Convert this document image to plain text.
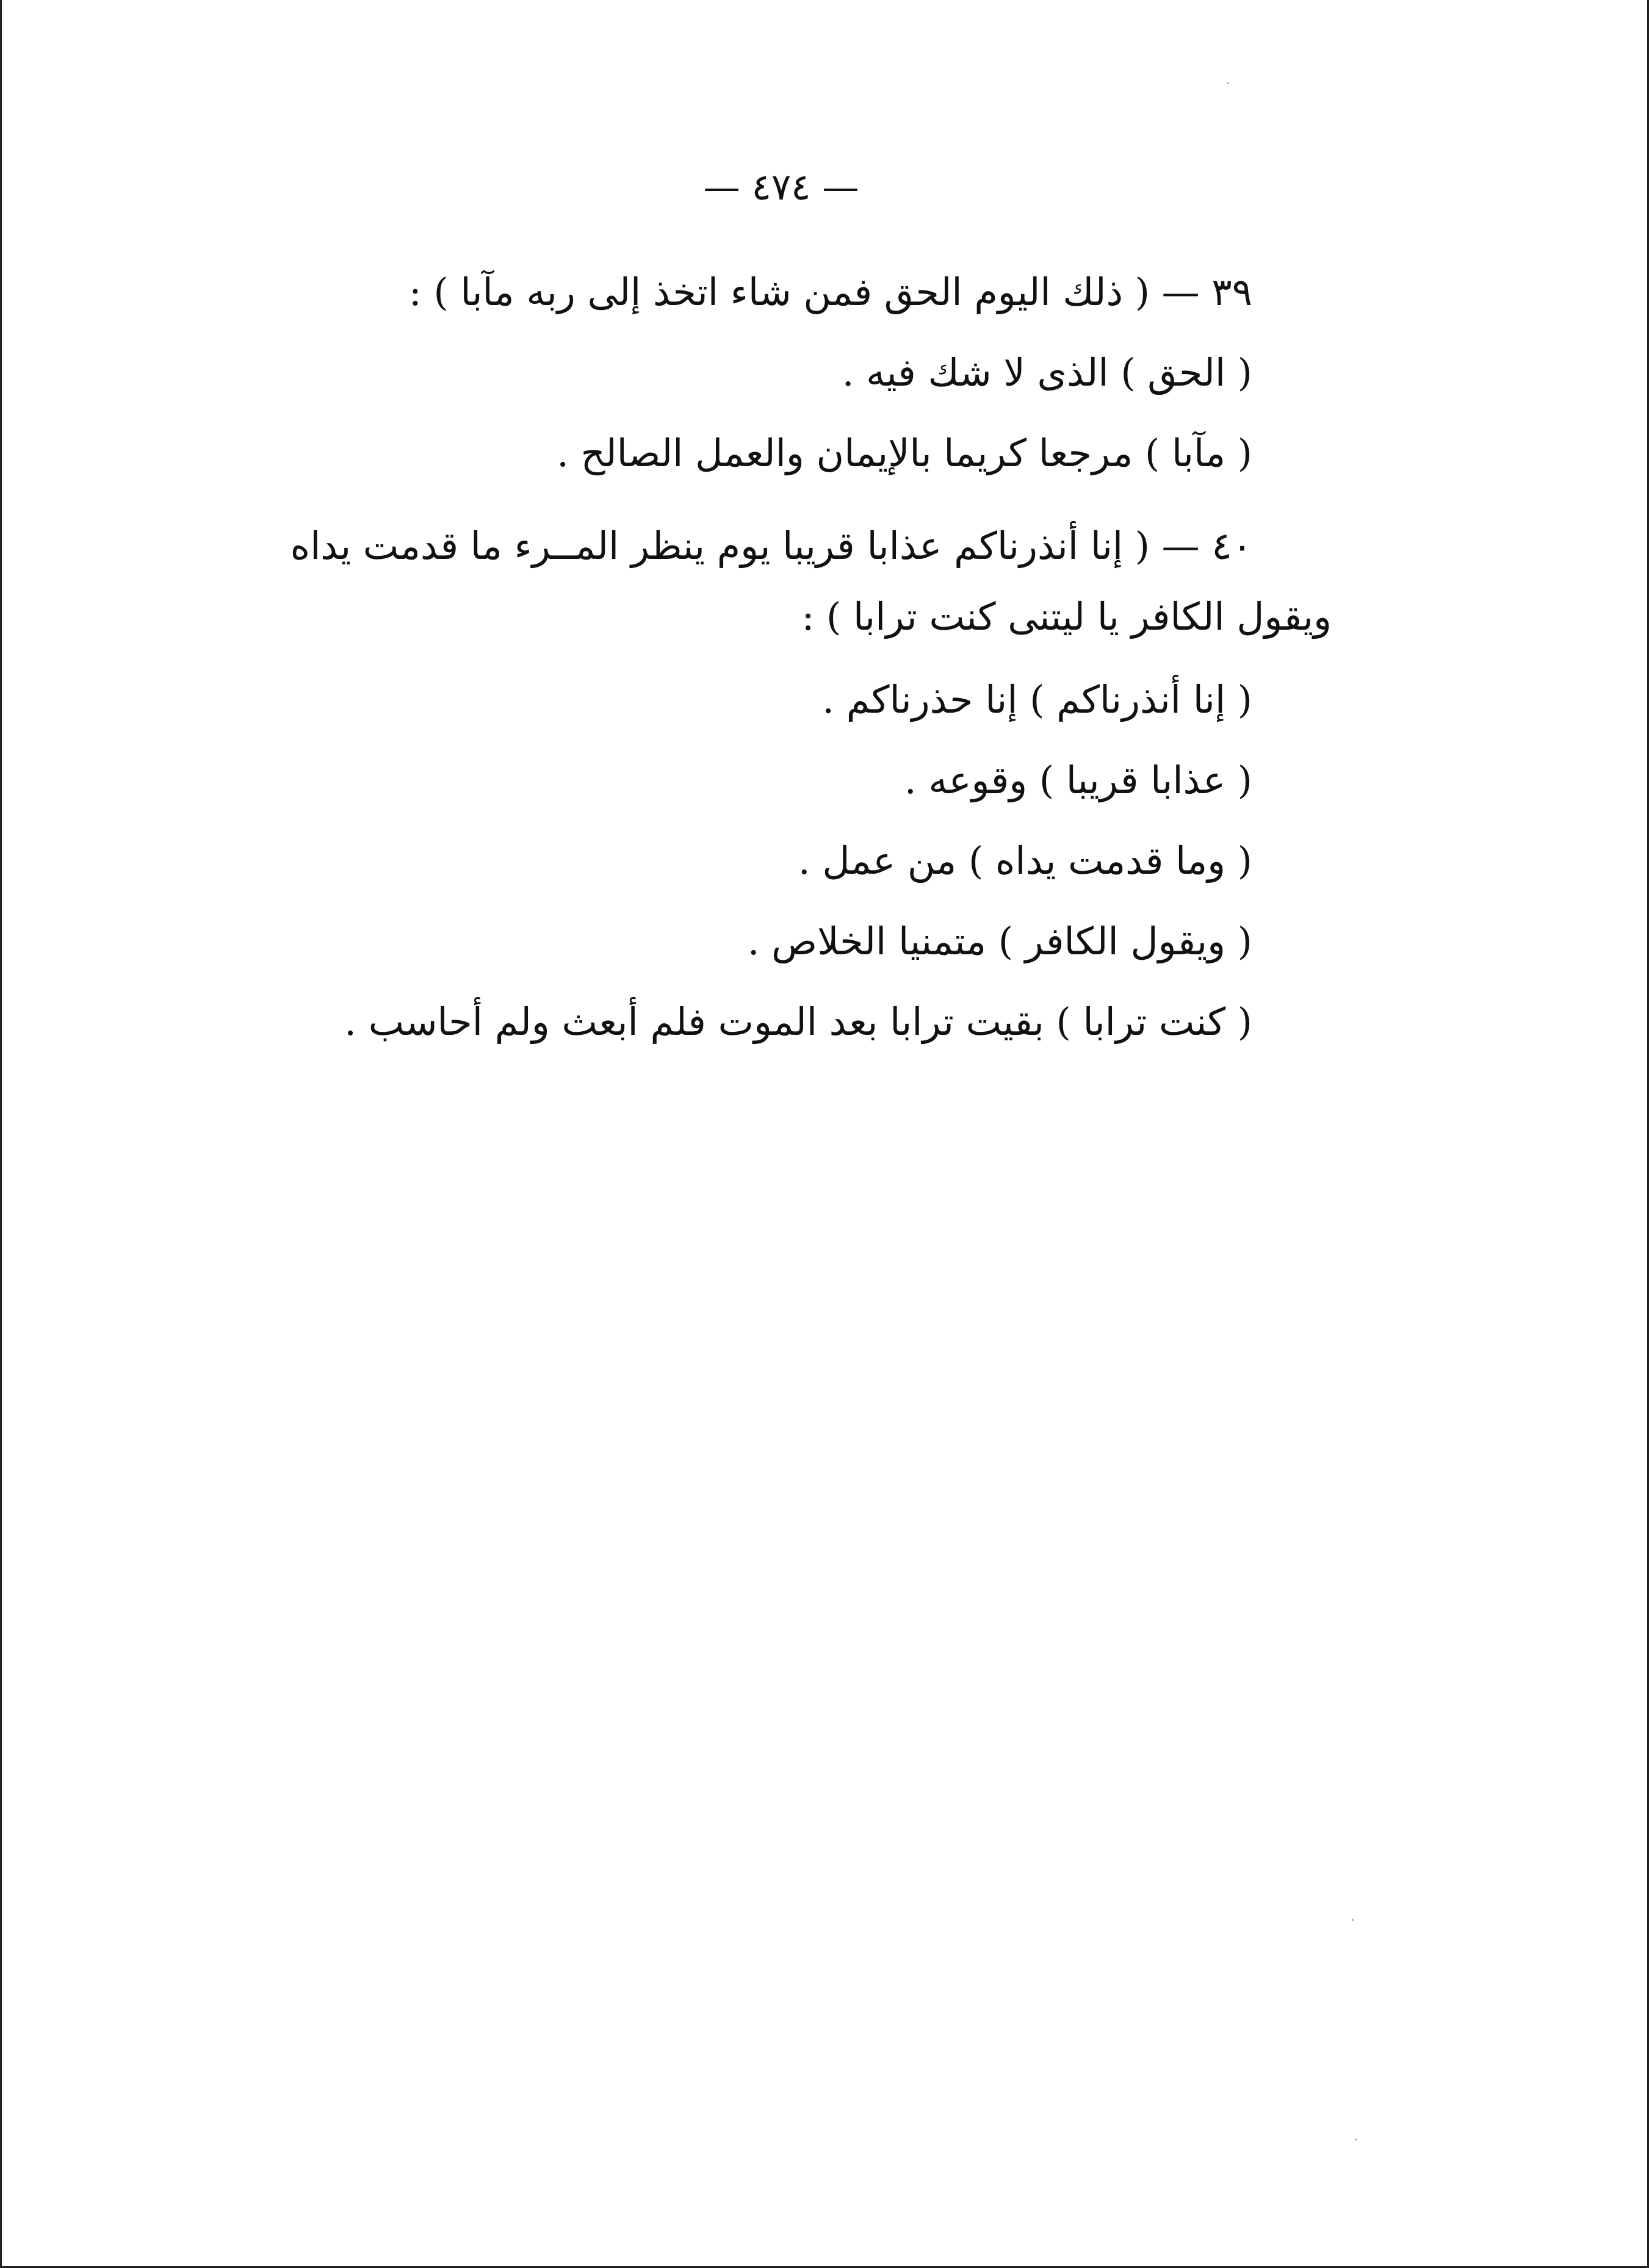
— ٤٧٤ —
٣٩ — ( ذلك اليوم الحق فمن شاء اتخذ إلى ربه مآبا ) :
( الحق ) الذى لا شك فيه .
( مآبا ) مرجعا كريما بالإيمان والعمل الصالح .
٤٠ — ( إنا أنذرناكم عذابا قريبا يوم ينظر المــرء ما قدمت يداه
ويقول الكافر يا ليتنى كنت ترابا ) :
( إنا أنذرناكم ) إنا حذرناكم .
( عذابا قريبا ) وقوعه .
( وما قدمت يداه ) من عمل .
( ويقول الكافر ) متمنيا الخلاص .
( كنت ترابا ) بقيت ترابا بعد الموت فلم أبعث ولم أحاسب .
